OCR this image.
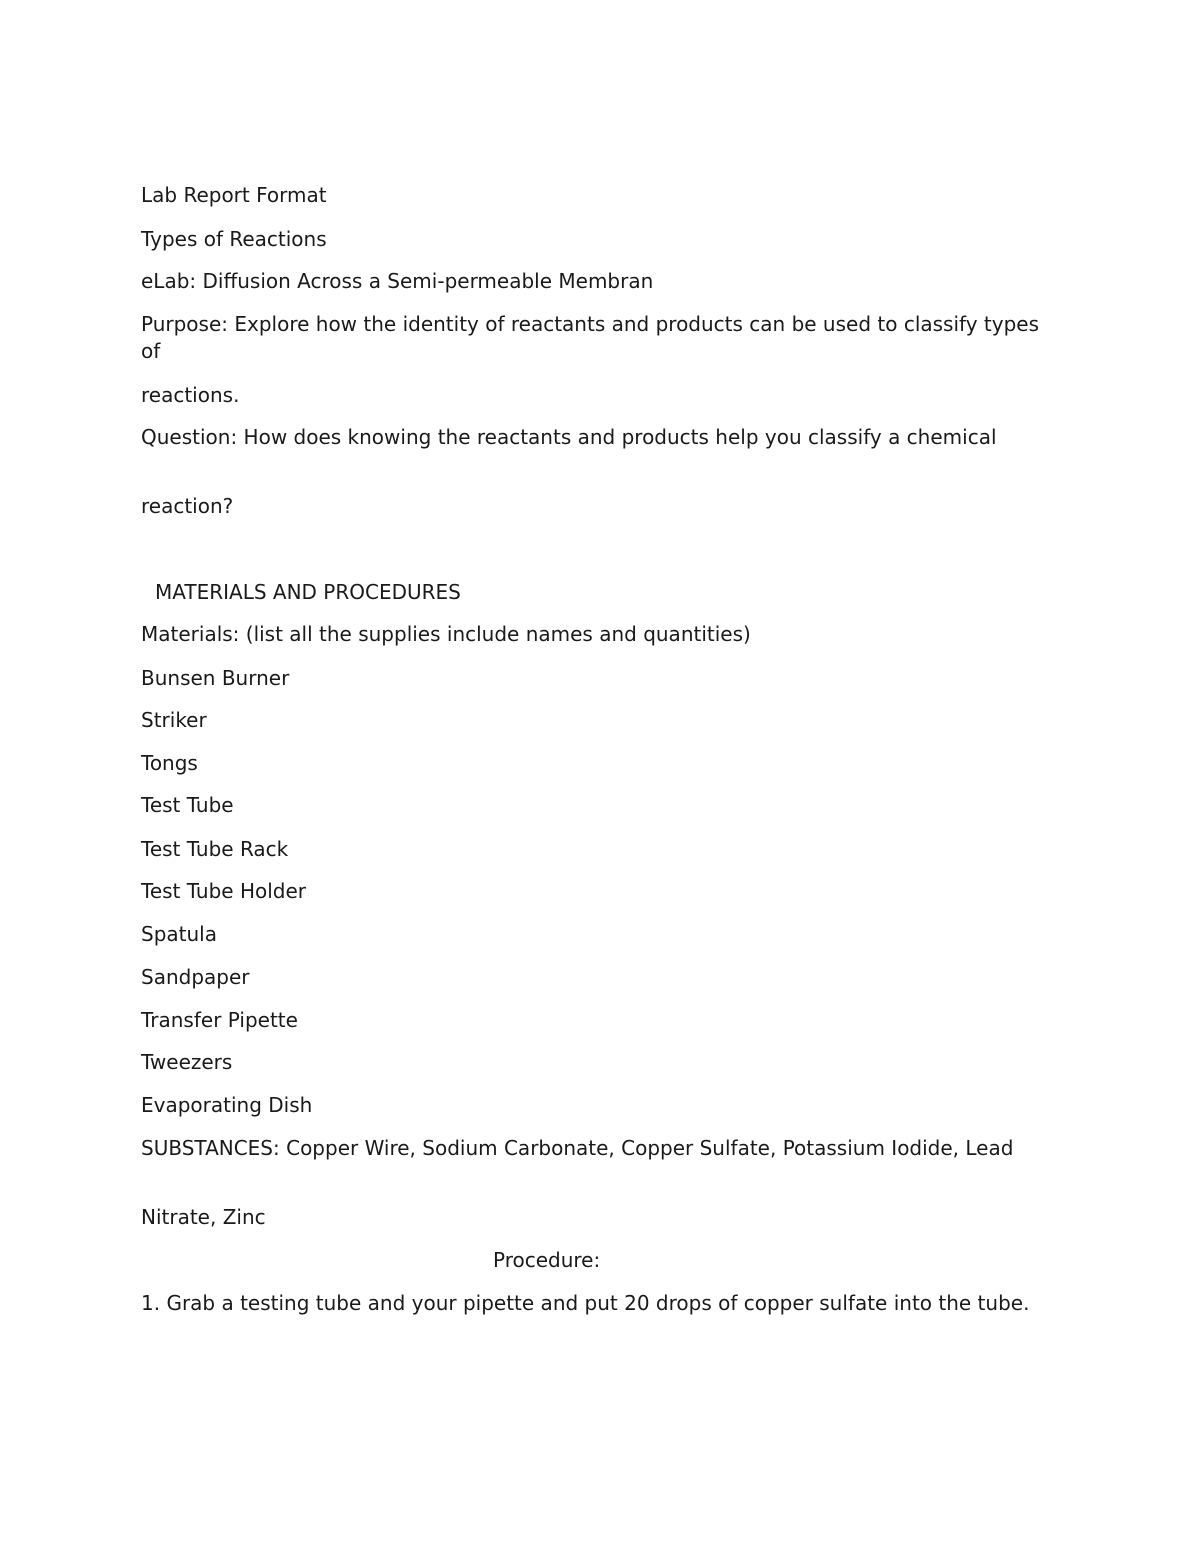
Lab Report Format

Types of Reactions

eLab: Diffusion Across a Semi-permeable Membran

Purpose: Explore how the identity of reactants and products can be used to classify types of

reactions.

Question: How does knowing the reactants and products help you classify a chemical

reaction?

MATERIALS AND PROCEDURES

Materials: (list all the supplies include names and quantities)

Bunsen Burner

Striker

Tongs

Test Tube

Test Tube Rack

Test Tube Holder

Spatula

Sandpaper

Transfer Pipette

Tweezers

Evaporating Dish

SUBSTANCES: Copper Wire, Sodium Carbonate, Copper Sulfate, Potassium Iodide, Lead

Nitrate, Zinc

Procedure:

1. Grab a testing tube and your pipette and put 20 drops of copper sulfate into the tube.
